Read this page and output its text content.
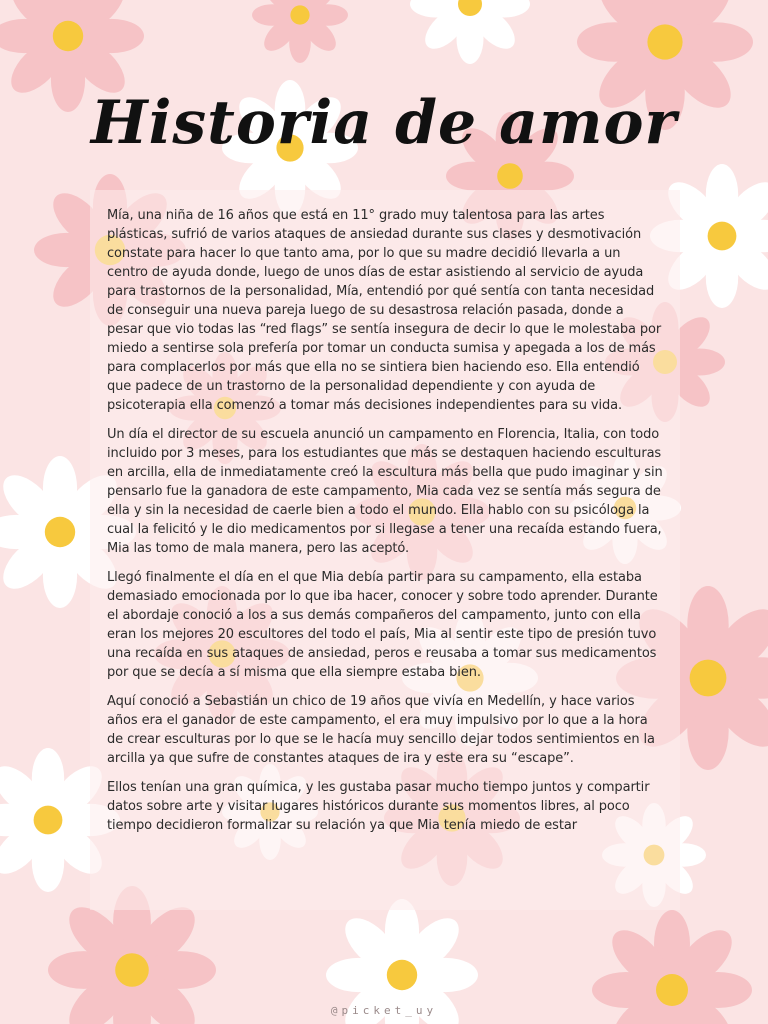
Historia de amor

Mía, una niña de 16 años que está en 11° grado muy talentosa para las artes plásticas, sufrió de varios ataques de ansiedad durante sus clases y desmotivación constate para hacer lo que tanto ama, por lo que su madre decidió llevarla a un centro de ayuda donde, luego de unos días de estar asistiendo al servicio de ayuda para trastornos de la personalidad, Mía, entendió por qué sentía con tanta necesidad de conseguir una nueva pareja luego de su desastrosa relación pasada, donde a pesar que vio todas las “red flags” se sentía insegura de decir lo que le molestaba por miedo a sentirse sola prefería por tomar un conducta sumisa y apegada a los de más para complacerlos por más que ella no se sintiera bien haciendo eso. Ella entendió que padece de un trastorno de la personalidad dependiente y con ayuda de psicoterapia ella comenzó a tomar más decisiones independientes para su vida.

Un día el director de su escuela anunció un campamento en Florencia, Italia, con todo incluido por 3 meses, para los estudiantes que más se destaquen haciendo esculturas en arcilla, ella de inmediatamente creó la escultura más bella que pudo imaginar y sin pensarlo fue la ganadora de este campamento, Mia cada vez se sentía más segura de ella y sin la necesidad de caerle bien a todo el mundo. Ella hablo con su psicóloga la cual la felicitó y le dio medicamentos por si llegase a tener una recaída estando fuera, Mia las tomo de mala manera, pero las aceptó.

Llegó finalmente el día en el que Mia debía partir para su campamento, ella estaba demasiado emocionada por lo que iba hacer, conocer y sobre todo aprender. Durante el abordaje conoció a los a sus demás compañeros del campamento, junto con ella eran los mejores 20 escultores del todo el país, Mia al sentir este tipo de presión tuvo una recaída en sus ataques de ansiedad, peros e reusaba a tomar sus medicamentos por que se decía a sí misma que ella siempre estaba bien.

Aquí conoció a Sebastián un chico de 19 años que vivía en Medellín, y hace varios años era el ganador de este campamento, el era muy impulsivo por lo que a la hora de crear esculturas por lo que se le hacía muy sencillo dejar todos sentimientos en la arcilla ya que sufre de constantes ataques de ira y este era su “escape”.

Ellos tenían una gran química, y les gustaba pasar mucho tiempo juntos y compartir datos sobre arte y visitar lugares históricos durante sus momentos libres, al poco tiempo decidieron formalizar su relación ya que Mia tenía miedo de estar

@picket_uy
